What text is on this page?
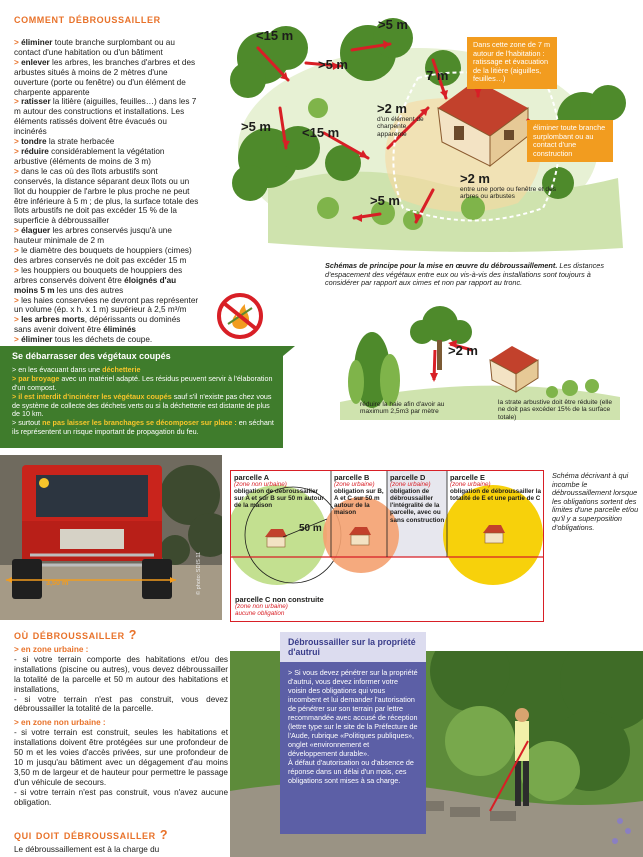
comment débroussailler

> éliminer toute branche surplombant ou au contact d'une habitation ou d'un bâtiment

> enlever les arbres, les branches d'arbres et des arbustes situés à moins de 2 mètres d'une ouverture (porte ou fenêtre) ou d'un élément de charpente apparente

> ratisser la litière (aiguilles, feuilles…) dans les 7 m autour des constructions et installations. Les éléments ratissés doivent être évacués ou incinérés

> tondre la strate herbacée

> réduire considérablement la végétation arbustive (éléments de moins de 3 m)

> dans le cas où des îlots arbustifs sont conservés, la distance séparant deux îlots ou un îlot du houppier de l'arbre le plus proche ne peut être inférieure à 5 m ; de plus, la surface totale des îlots arbustifs ne doit pas excéder 15 % de la superficie à débroussailler

> élaguer les arbres conservés jusqu'à une hauteur minimale de 2 m

> le diamètre des bouquets de houppiers (cimes) des arbres conservés ne doit pas excéder 15 m

> les houppiers ou bouquets de houppiers des arbres conservés doivent être éloignés d'au moins 5 m les uns des autres

> les haies conservées ne devront pas représenter un volume (ép. x h. x 1 m) supérieur à 2,5 m³/m

> les arbres morts, dépérissants ou dominés sans avenir doivent être éliminés

> éliminer tous les déchets de coupe.

Se débarrasser des végétaux coupés

> en les évacuant dans une déchetterie

> par broyage avec un matériel adapté. Les résidus peuvent servir à l'élaboration d'un compost.

> il est interdit d'incinérer les végétaux coupés sauf s'il n'existe pas chez vous de système de collecte des déchets verts ou si la déchetterie est distante de plus de 10 km.

> surtout ne pas laisser les branchages se décomposer sur place : en séchant ils représentent un risque important de propagation du feu.

<15 m
>5 m
>5 m
7 m
>2 m
>5 m <15 m
>2 m
>5 m
d'un élément de charpente apparente
entre une porte ou fenêtre et des arbres ou arbustes
Dans cette zone de 7 m autour de l'habitation : ratissage et évacuation de la litière (aiguilles, feuilles…)
éliminer toute branche surplombant ou au contact d'une construction
Schémas de principe pour la mise en œuvre du débroussaillement. Les distances d'espacement des végétaux entre eux ou vis-à-vis des installations sont toujours à considérer par rapport aux cimes et non par rapport au tronc.
>2 m
réduire la haie afin d'avoir au maximum 2,5m3 par mètre
la strate arbustive doit être réduite (elle ne doit pas excéder 15% de la surface totale)
3,50 m
parcelle A
(zone non urbaine)
obligation de débroussailler sur A et sur B sur 50 m autour de la maison
parcelle B
(zone urbaine)
obligation sur B, A et C sur 50 m autour de la maison
parcelle D
(zone urbaine)
obligation de débroussailler l'intégralité de la parcelle, avec ou sans construction
parcelle E
(zone urbaine)
obligation de débroussailler la totalité de E et une partie de C
50 m
parcelle C non construite
(zone non urbaine)
aucune obligation
Schéma décrivant à qui incombe le débroussaillement lorsque les obligations sortent des limites d'une parcelle et/ou qu'il y a superposition d'obligations.
où débroussailler ?

> en zone urbaine :

- si votre terrain comporte des habitations et/ou des installations (piscine ou autres), vous devez débroussailler la totalité de la parcelle et 50 m autour des habitations et installations,

- si votre terrain n'est pas construit, vous devez débroussailler la totalité de la parcelle.

> en zone non urbaine :

- si votre terrain est construit, seules les habitations et installations doivent être protégées sur une profondeur de 50 m et les voies d'accès privées, sur une profondeur de 10 m jusqu'au bâtiment avec un dégagement d'au moins 3,50 m de largeur et de hauteur pour permettre le passage d'un véhicule de secours.

- si votre terrain n'est pas construit, vous n'avez aucune obligation.

qui doit débroussailler ?
Le débroussaillement est à la charge du
Débroussailler sur la propriété d'autrui
> Si vous devez pénétrer sur la propriété d'autrui, vous devez informer votre voisin des obligations qui vous incombent et lui demander l'autorisation de pénétrer sur son terrain par lettre recommandée avec accusé de réception (lettre type sur le site de la Préfecture de l'Aude, rubrique «Politiques publiques», onglet «environnement et développement durable».
À défaut d'autorisation ou d'absence de réponse dans un délai d'un mois, ces obligations sont mises à sa charge.
